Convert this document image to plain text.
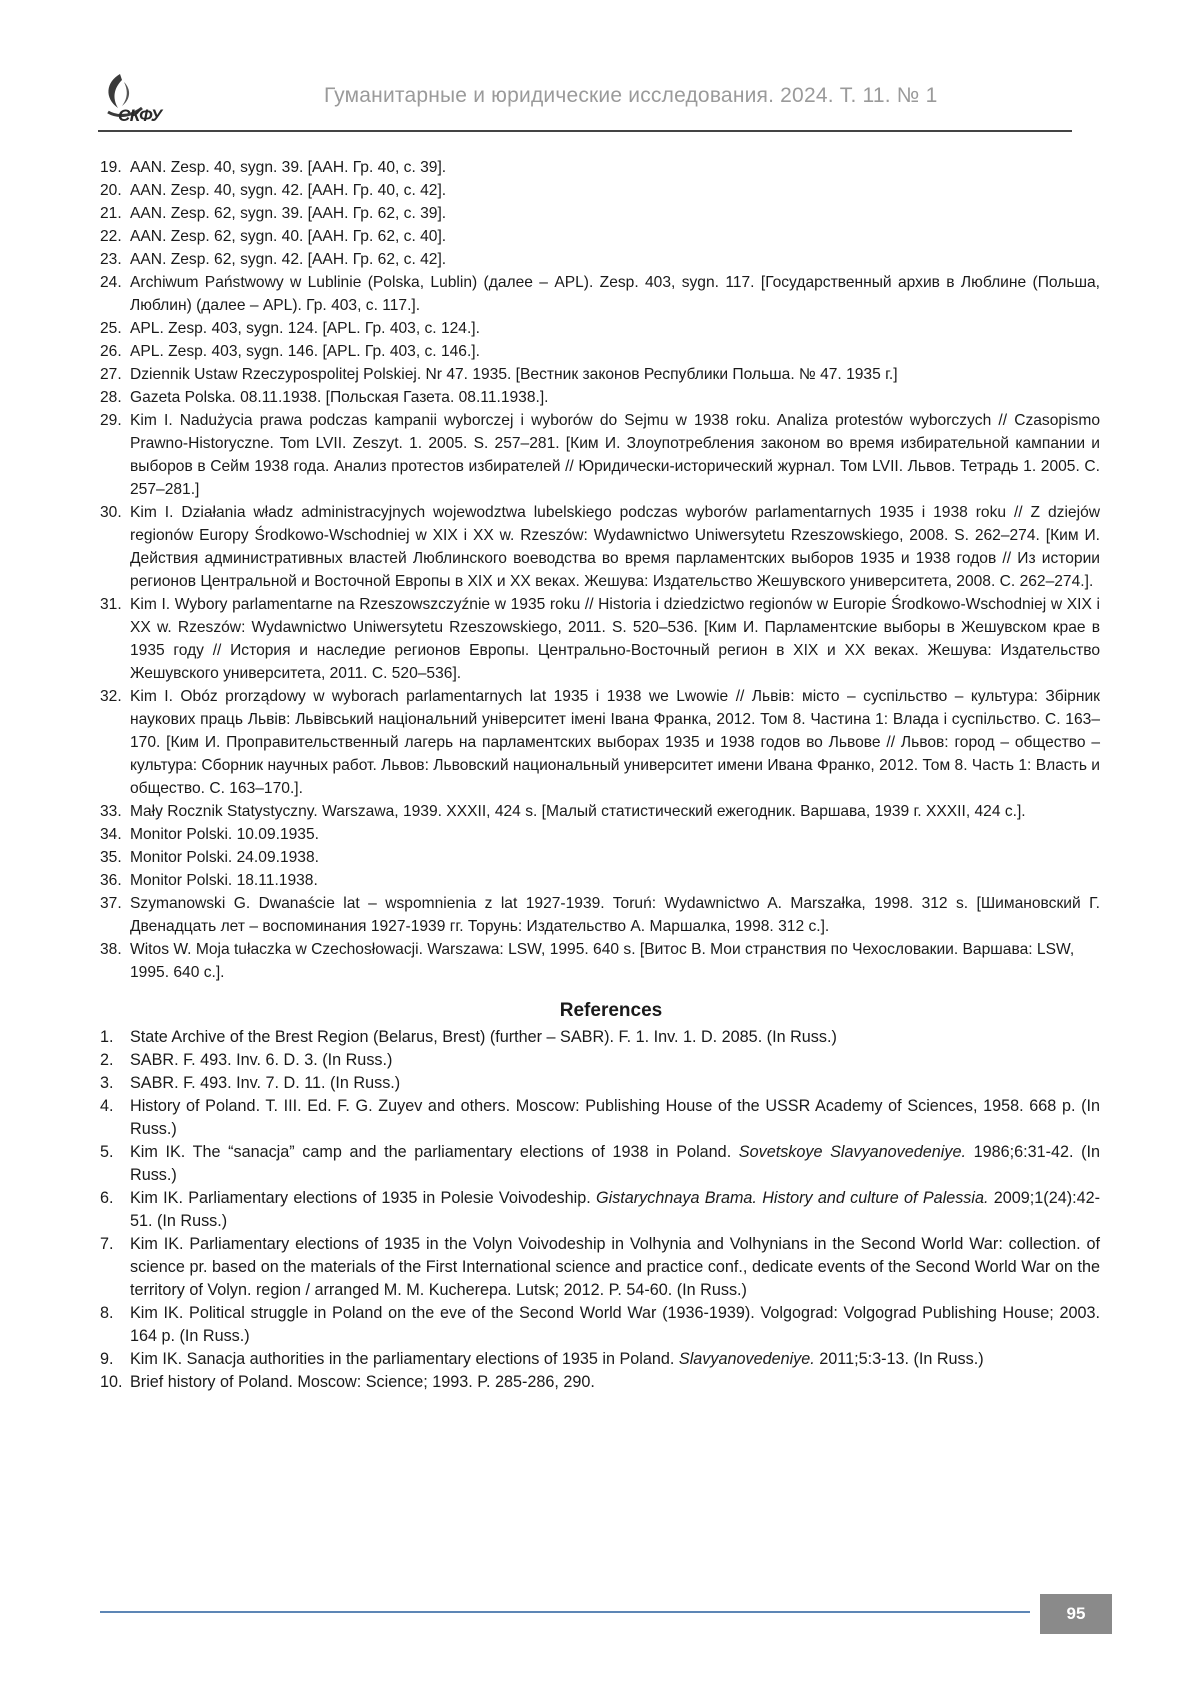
СКФУ
Гуманитарные и юридические исследования. 2024. Т. 11. № 1
19. AAN. Zesp. 40, sygn. 39. [ААН. Гр. 40, с. 39].
20. AAN. Zesp. 40, sygn. 42. [ААН. Гр. 40, с. 42].
21. AAN. Zesp. 62, sygn. 39. [ААН. Гр. 62, с. 39].
22. AAN. Zesp. 62, sygn. 40. [ААН. Гр. 62, с. 40].
23. AAN. Zesp. 62, sygn. 42. [ААН. Гр. 62, с. 42].
24. Archiwum Państwowy w Lublinie (Polska, Lublin) (далее – APL). Zesp. 403, sygn. 117. [Государственный архив в Люблине (Польша, Люблин) (далее – APL). Гр. 403, с. 117.].
25. APL. Zesp. 403, sygn. 124. [APL. Гр. 403, с. 124.].
26. APL. Zesp. 403, sygn. 146. [APL. Гр. 403, с. 146.].
27. Dziennik Ustaw Rzeczypospolitej Polskiej. Nr 47. 1935. [Вестник законов Республики Польша. № 47. 1935 г.]
28. Gazeta Polska. 08.11.1938. [Польская Газета. 08.11.1938.].
29. Kim I. Nadużycia prawa podczas kampanii wyborczej i wyborów do Sejmu w 1938 roku. Analiza protestów wyborczych // Czasopismo Prawno-Historyczne. Tom LVII. Zeszyt. 1. 2005. S. 257–281. [Ким И. Злоупотребления законом во время избирательной кампании и выборов в Сейм 1938 года. Анализ протестов избирателей // Юридически-исторический журнал. Том LVII. Львов. Тетрадь 1. 2005. С. 257–281.]
30. Kim I. Działania władz administracyjnych wojewodztwa lubelskiego podczas wyborów parlamentarnych 1935 i 1938 roku // Z dziejów regionów Europy Środkowo-Wschodniej w XIX i XX w. Rzeszów: Wydawnictwo Uniwersytetu Rzeszowskiego, 2008. S. 262–274. [Ким И. Действия административных властей Люблинского воеводства во время парламентских выборов 1935 и 1938 годов // Из истории регионов Центральной и Восточной Европы в XIX и XX веках. Жешува: Издательство Жешувского университета, 2008. С. 262–274.].
31. Kim I. Wybory parlamentarne na Rzeszowszczyźnie w 1935 roku // Historia i dziedzictwo regionów w Europie Środkowo-Wschodniej w XIX i XX w. Rzeszów: Wydawnictwo Uniwersytetu Rzeszowskiego, 2011. S. 520–536. [Ким И. Парламентские выборы в Жешувском крае в 1935 году // История и наследие регионов Европы. Центрально-Восточный регион в XIX и XX веках. Жешува: Издательство Жешувского университета, 2011. С. 520–536].
32. Kim I. Obóz prorządowy w wyborach parlamentarnych lat 1935 i 1938 we Lwowie // Львів: місто – суспільство – культура: Збірник наукових праць Львів: Львівський національний університет імені Івана Франка, 2012. Том 8. Частина 1: Влада і суспільство. С. 163–170. [Ким И. Проправительственный лагерь на парламентских выборах 1935 и 1938 годов во Львове // Львов: город – общество – культура: Сборник научных работ. Львов: Львовский национальный университет имени Ивана Франко, 2012. Том 8. Часть 1: Власть и общество. С. 163–170.].
33. Mały Rocznik Statystyczny. Warszawa, 1939. XXXII, 424 s. [Малый статистический ежегодник. Варшава, 1939 г. XXXII, 424 с.].
34. Monitor Polski. 10.09.1935.
35. Monitor Polski. 24.09.1938.
36. Monitor Polski. 18.11.1938.
37. Szymanowski G. Dwanaście lat – wspomnienia z lat 1927-1939. Toruń: Wydawnictwo A. Marszałka, 1998. 312 s. [Шимановский Г. Двенадцать лет – воспоминания 1927-1939 гг. Торунь: Издательство А. Маршалка, 1998. 312 с.].
38. Witos W. Moja tułaczka w Czechosłowacji. Warszawa: LSW, 1995. 640 s. [Витос В. Мои странствия по Чехословакии. Варшава: LSW, 1995. 640 с.].
References
1.	State Archive of the Brest Region (Belarus, Brest) (further – SABR). F. 1. Inv. 1. D. 2085. (In Russ.)
2.	SABR. F. 493. Inv. 6. D. 3. (In Russ.)
3.	SABR. F. 493. Inv. 7. D. 11. (In Russ.)
4.	History of Poland. T. III. Ed. F. G. Zuyev and others. Moscow: Publishing House of the USSR Academy of Sciences, 1958. 668 p. (In Russ.)
5.	Kim IK. The “sanacja” camp and the parliamentary elections of 1938 in Poland. Sovetskoye Slavyanovedeniye. 1986;6:31-42. (In Russ.)
6.	Kim IK. Parliamentary elections of 1935 in Polesie Voivodeship. Gistarychnaya Brama. History and culture of Palessia. 2009;1(24):42-51. (In Russ.)
7.	Kim IK. Parliamentary elections of 1935 in the Volyn Voivodeship in Volhynia and Volhynians in the Second World War: collection. of science pr. based on the materials of the First International science and practice conf., dedicate events of the Second World War on the territory of Volyn. region / arranged M. M. Kucherepa. Lutsk; 2012. P. 54-60. (In Russ.)
8.	Kim IK. Political struggle in Poland on the eve of the Second World War (1936-1939). Volgograd: Volgograd Publishing House; 2003. 164 p. (In Russ.)
9.	Kim IK. Sanacja authorities in the parliamentary elections of 1935 in Poland. Slavyanovedeniye. 2011;5:3-13. (In Russ.)
10. Brief history of Poland. Moscow: Science; 1993. P. 285-286, 290.
95
